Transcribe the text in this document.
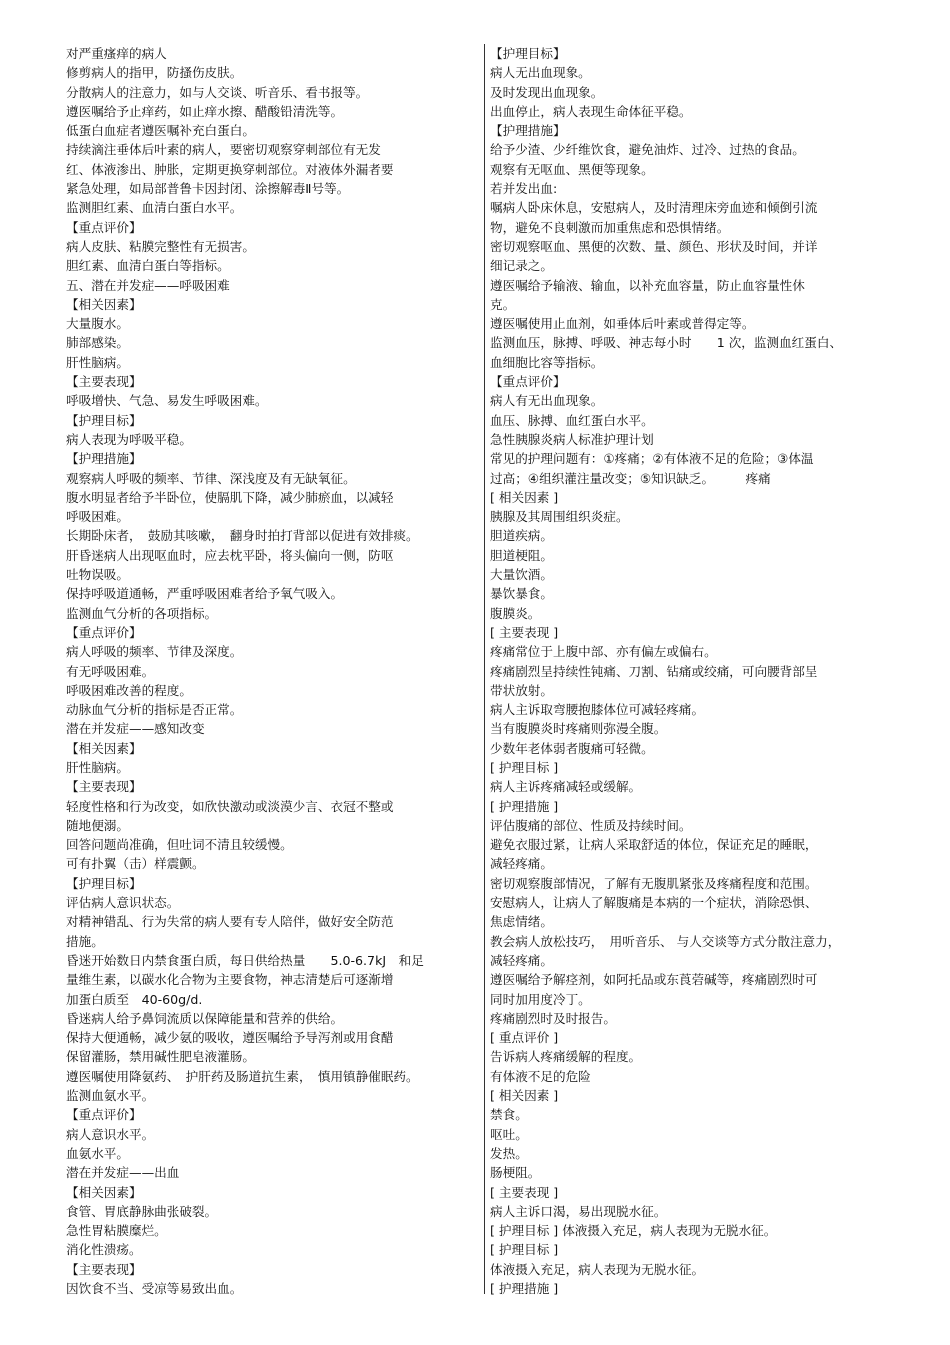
对严重瘙痒的病人
修剪病人的指甲，防搔伤皮肤。
分散病人的注意力，如与人交谈、听音乐、看书报等。
遵医嘱给予止痒药，如止痒水擦、醋酸铅清洗等。
低蛋白血症者遵医嘱补充白蛋白。
持续滴注垂体后叶素的病人，要密切观察穿刺部位有无发
红、体液渗出、肿胀，定期更换穿刺部位。对液体外漏者要
紧急处理，如局部普鲁卡因封闭、涂擦解毒Ⅱ号等。
监测胆红素、血清白蛋白水平。
【重点评价】
病人皮肤、粘膜完整性有无损害。
胆红素、血清白蛋白等指标。
五、潜在并发症——呼吸困难
【相关因素】
大量腹水。
肺部感染。
肝性脑病。
【主要表现】
呼吸增快、气急、易发生呼吸困难。
【护理目标】
病人表现为呼吸平稳。
【护理措施】
观察病人呼吸的频率、节律、深浅度及有无缺氧征。
腹水明显者给予半卧位，使膈肌下降，减少肺瘀血，以减轻
呼吸困难。
长期卧床者，　鼓励其咳嗽，　翻身时拍打背部以促进有效排痰。
肝昏迷病人出现呕血时，应去枕平卧，将头偏向一侧，防呕
吐物误吸。
保持呼吸道通畅，严重呼吸困难者给予氧气吸入。
监测血气分析的各项指标。
【重点评价】
病人呼吸的频率、节律及深度。
有无呼吸困难。
呼吸困难改善的程度。
动脉血气分析的指标是否正常。
潜在并发症——感知改变
【相关因素】
肝性脑病。
【主要表现】
轻度性格和行为改变，如欣快激动或淡漠少言、衣冠不整或
随地便溺。
回答问题尚准确，但吐词不清且较缓慢。
可有扑翼（击）样震颤。
【护理目标】
评估病人意识状态。
对精神错乱、行为失常的病人要有专人陪伴，做好安全防范
措施。
昏迷开始数日内禁食蛋白质，每日供给热量　　5.0-6.7kJ　和足
量维生素，以碳水化合物为主要食物，神志清楚后可逐渐增
加蛋白质至　40-60g/d.
昏迷病人给予鼻饲流质以保障能量和营养的供给。
保持大便通畅，减少氨的吸收，遵医嘱给予导泻剂或用食醋
保留灌肠，禁用碱性肥皂液灌肠。
遵医嘱使用降氨药、　护肝药及肠道抗生素，　慎用镇静催眠药。
监测血氨水平。
【重点评价】
病人意识水平。
血氨水平。
潜在并发症——出血
【相关因素】
食管、胃底静脉曲张破裂。
急性胃粘膜糜烂。
消化性溃疡。
【主要表现】
因饮食不当、受凉等易致出血。
【护理目标】
病人无出血现象。
及时发现出血现象。
出血停止，病人表现生命体征平稳。
【护理措施】
给予少渣、少纤维饮食，避免油炸、过冷、过热的食品。
观察有无呕血、黑便等现象。
若并发出血:
嘱病人卧床休息，安慰病人，及时清理床旁血迹和倾倒引流
物，避免不良刺激而加重焦虑和恐惧情绪。
密切观察呕血、黑便的次数、量、颜色、形状及时间，并详
细记录之。
遵医嘱给予输液、输血，以补充血容量，防止血容量性休
克。
遵医嘱使用止血剂，如垂体后叶素或普得定等。
监测血压，脉搏、呼吸、神志每小时　　1 次，监测血红蛋白、
血细胞比容等指标。
【重点评价】
病人有无出血现象。
血压、脉搏、血红蛋白水平。
急性胰腺炎病人标准护理计划
常见的护理问题有：①疼痛；②有体液不足的危险；③体温
过高；④组织灌注量改变；⑤知识缺乏。　　　疼痛
[ 相关因素 ]
胰腺及其周围组织炎症。
胆道疾病。
胆道梗阻。
大量饮酒。
暴饮暴食。
腹膜炎。
[ 主要表现 ]
疼痛常位于上腹中部、亦有偏左或偏右。
疼痛剧烈呈持续性钝痛、刀割、钻痛或绞痛，可向腰背部呈
带状放射。
病人主诉取弯腰抱膝体位可减轻疼痛。
当有腹膜炎时疼痛则弥漫全腹。
少数年老体弱者腹痛可轻微。
[ 护理目标 ]
病人主诉疼痛减轻或缓解。
[ 护理措施 ]
评估腹痛的部位、性质及持续时间。
避免衣服过紧，让病人采取舒适的体位，保证充足的睡眠，
减轻疼痛。
密切观察腹部情况，了解有无腹肌紧张及疼痛程度和范围。
安慰病人，让病人了解腹痛是本病的一个症状，消除恐惧、
焦虑情绪。
教会病人放松技巧，　用听音乐、 与人交谈等方式分散注意力，
减轻疼痛。
遵医嘱给予解痉剂，如阿托品或东莨菪碱等，疼痛剧烈时可
同时加用度冷丁。
疼痛剧烈时及时报告。
[ 重点评价 ]
告诉病人疼痛缓解的程度。
有体液不足的危险
[ 相关因素 ]
禁食。
呕吐。
发热。
肠梗阻。
[ 主要表现 ]
病人主诉口渴，易出现脱水征。
[ 护理目标 ] 体液摄入充足，病人表现为无脱水征。
[ 护理目标 ]
体液摄入充足，病人表现为无脱水征。
[ 护理措施 ]
